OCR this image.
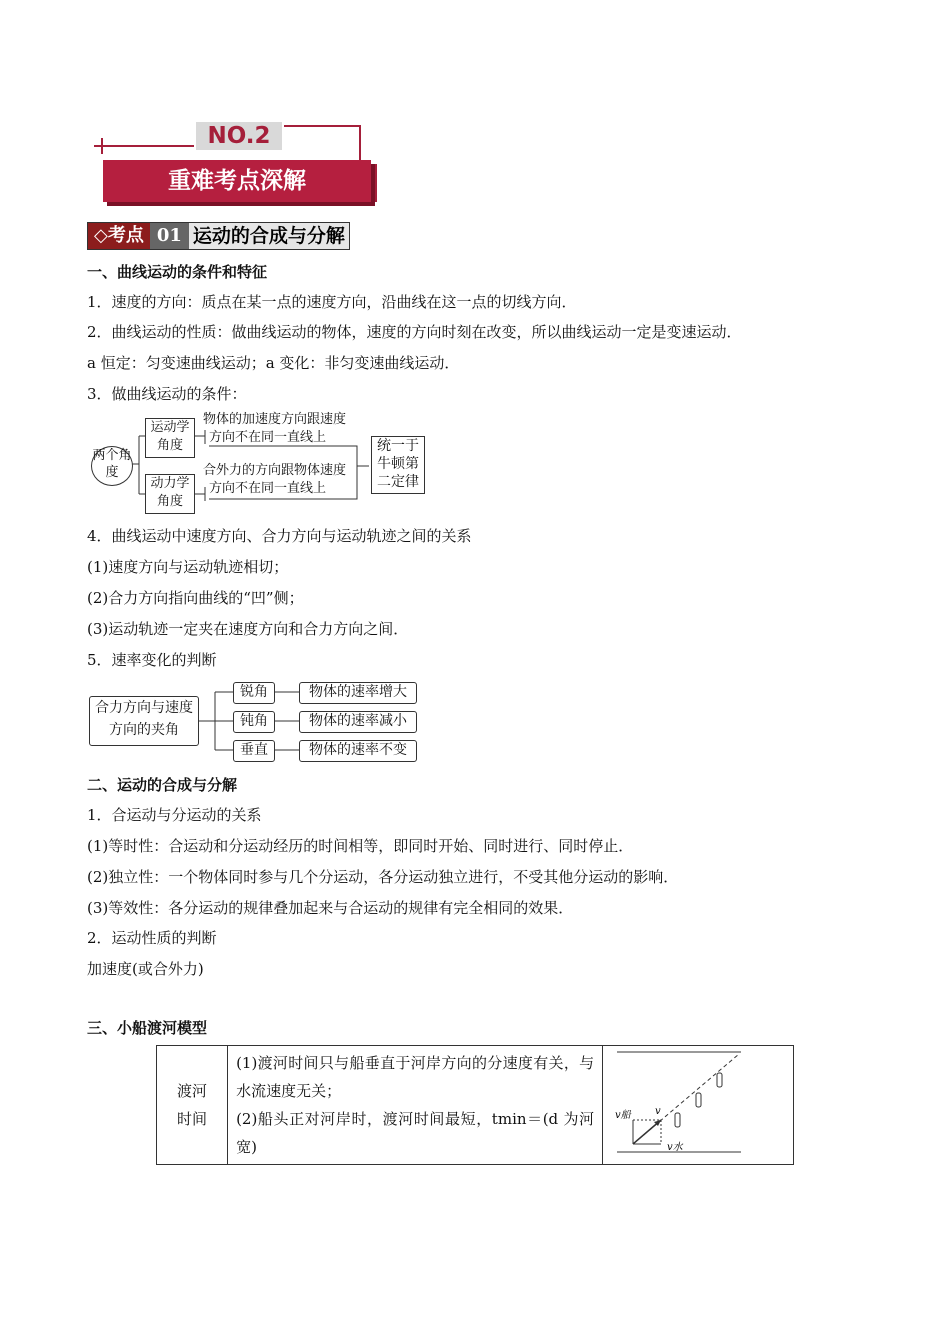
NO.2
重难考点深解
◇考点 01 运动的合成与分解
一、曲线运动的条件和特征
1．速度的方向：质点在某一点的速度方向，沿曲线在这一点的切线方向．
2．曲线运动的性质：做曲线运动的物体，速度的方向时刻在改变，所以曲线运动一定是变速运动．
a 恒定：匀变速曲线运动；a 变化：非匀变速曲线运动．
3．做曲线运动的条件：
两个角度
运动学角度
动力学角度
物体的加速度方向跟速度
方向不在同一直线上
合外力的方向跟物体速度
方向不在同一直线上
统一于牛顿第二定律
4．曲线运动中速度方向、合力方向与运动轨迹之间的关系
(1)速度方向与运动轨迹相切；
(2)合力方向指向曲线的“凹”侧；
(3)运动轨迹一定夹在速度方向和合力方向之间．
5．速率变化的判断
合力方向与速度方向的夹角
锐角
钝角
垂直
物体的速率增大
物体的速率减小
物体的速率不变
二、运动的合成与分解
1．合运动与分运动的关系
(1)等时性：合运动和分运动经历的时间相等，即同时开始、同时进行、同时停止．
(2)独立性：一个物体同时参与几个分运动，各分运动独立进行，不受其他分运动的影响．
(3)等效性：各分运动的规律叠加起来与合运动的规律有完全相同的效果．
2．运动性质的判断
加速度(或合外力)
三、小船渡河模型
渡河时间	
(1)渡河时间只与船垂直于河岸方向的分速度有关，与水流速度无关；
(2)船头正对河岸时，渡河时间最短，tmin＝(d 为河宽)

v船 v
v水
